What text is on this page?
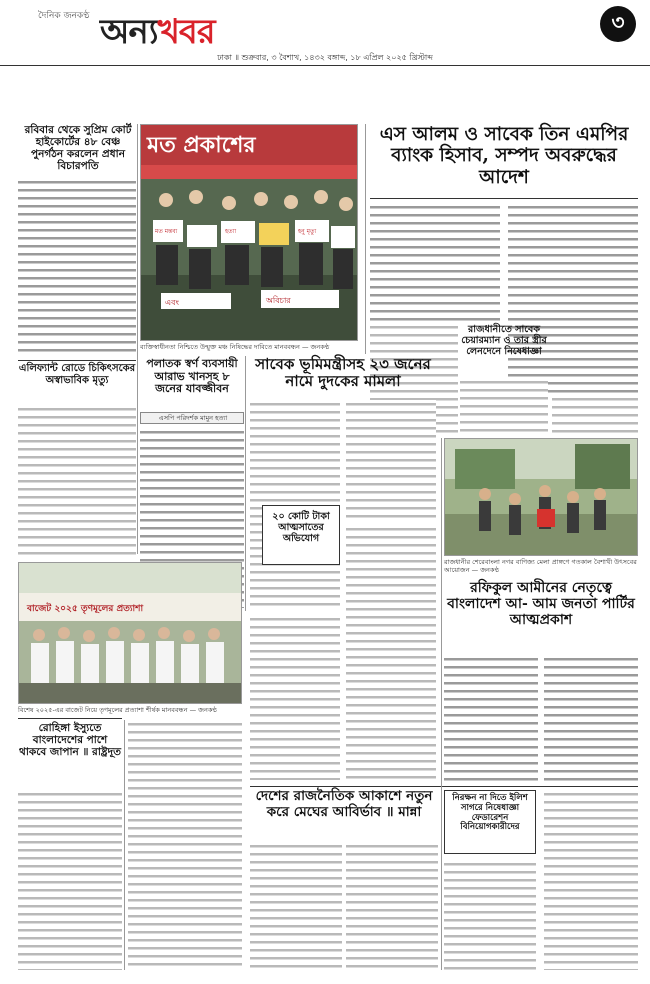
দৈনিক জনকণ্ঠ অন্যখবর
ঢাকা ॥ শুক্রবার, ৩ বৈশাখ, ১৪৩২ বঙ্গাব্দ, ১৮ এপ্রিল ২০২৫ খ্রিস্টাব্দ
৩
রবিবার থেকে সুপ্রিম কোর্ট হাইকোর্টের ৪৮ বেঞ্চ পুনর্গঠন করলেন প্রধান বিচারপতি
এলিফ্যান্ট রোডে চিকিৎসকের অস্বাভাবিক মৃত্যু
মত প্রকাশের
মত মন্তব্য	হত্যা	হনু মৃত্যু
এবং	অবিচার
ব্যক্তিস্বাধীনতা নিশ্চিতে উন্মুক্ত মঞ্চ নিষিদ্ধের দাবিতে মানববন্ধন — জনকণ্ঠ
এস আলম ও সাবেক তিন এমপির ব্যাংক হিসাব, সম্পদ অবরুদ্ধের আদেশ
রাজধানীতে সাবেক চেয়ারম্যান ও তার স্ত্রীর লেনদেনে নিষেধাজ্ঞা
সাবেক ভূমিমন্ত্রীসহ ২৩ জনের নামে দুদকের মামলা
পলাতক স্বর্ণ ব্যবসায়ী আরাভ খানসহ ৮ জনের যাবজ্জীবন
এসপি পরিদর্শক মামুন হত্যা
২০ কোটি টাকা আত্মসাতের অভিযোগ
রাজধানীর শেরেবাংলা নগর বাণিজ্য মেলা প্রাঙ্গণে গতকাল বৈশাখী উৎসবের আয়োজন — জনকণ্ঠ
রফিকুল আমীনের নেতৃত্বে বাংলাদেশ আ- আম জনতা পার্টির আত্মপ্রকাশ
বাজেট ২০২৫ তৃণমূলের প্রত্যাশা
বিশেষ ২০২৫-এর বাজেট নিয়ে তৃণমূলের প্রত্যাশা শীর্ষক মানববন্ধন — জনকণ্ঠ
রোহিঙ্গা ইস্যুতে বাংলাদেশের পাশে থাকবে জাপান ॥ রাষ্ট্রদূত
দেশের রাজনৈতিক আকাশে নতুন করে মেঘের আবির্ভাব ॥ মান্না
নিরক্ষন না দিতে ইলিশ সাগরে নিষেধাজ্ঞা ফেডারেশন বিনিয়োগকারীদের
